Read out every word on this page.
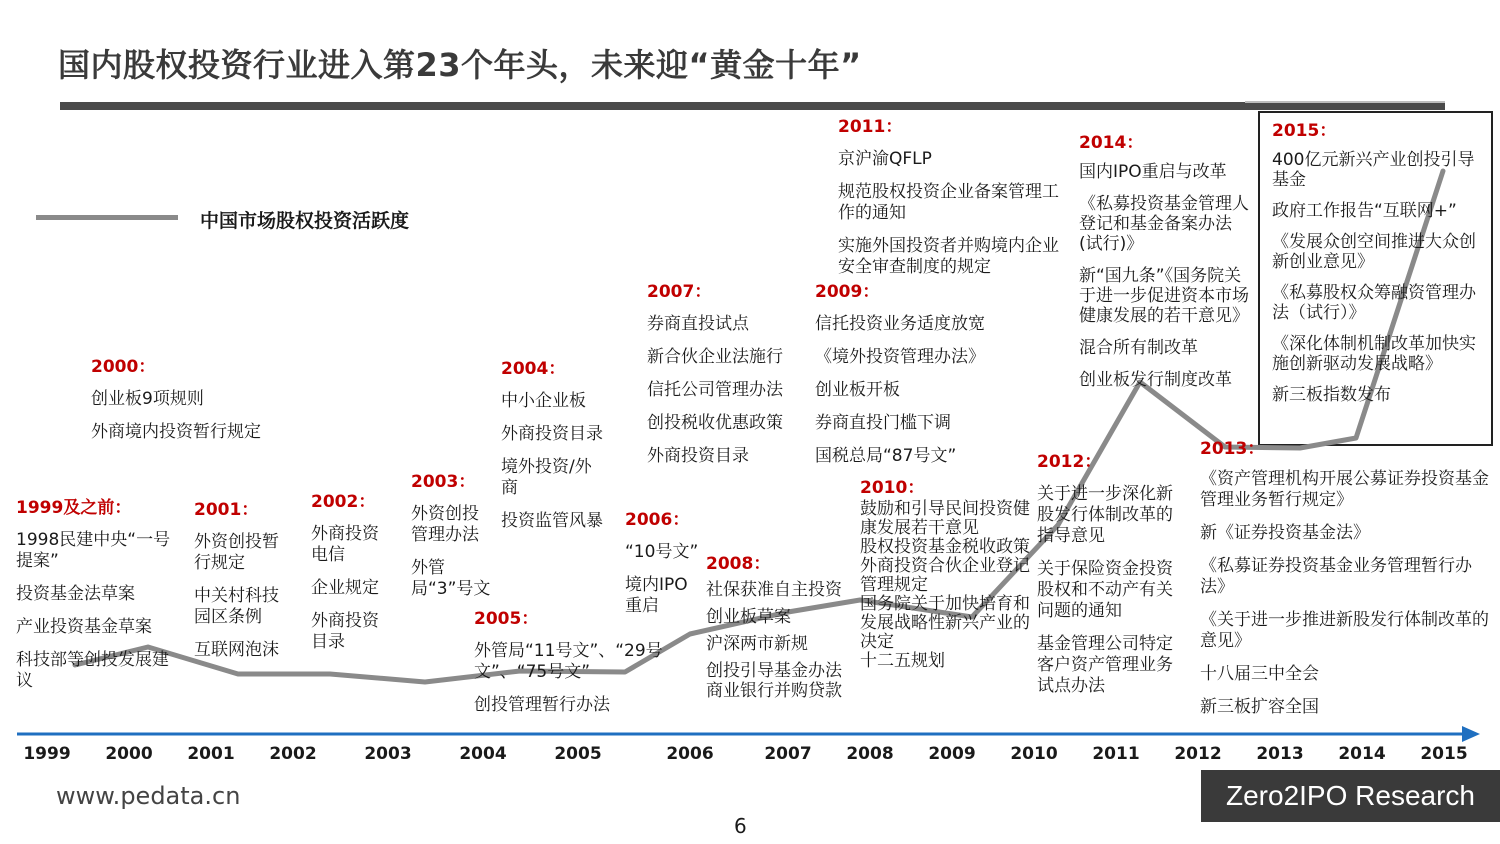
国内股权投资行业进入第23个年头，未来迎“黄金十年”
中国市场股权投资活跃度
1999及之前：
1998民建中央“一号提案”
投资基金法草案
产业投资基金草案
科技部等创投发展建议
2000：
创业板9项规则
外商境内投资暂行规定
2001：
外资创投暂行规定
中关村科技园区条例
互联网泡沫
2002：
外商投资电信
企业规定
外商投资目录
2003：
外资创投管理办法
外管局“3”号文
2004：
中小企业板
外商投资目录
境外投资/外商
投资监管风暴
2005：
外管局“11号文”、“29号文”、“75号文”
创投管理暂行办法
2006：
“10号文”
境内IPO重启
2007：
券商直投试点
新合伙企业法施行
信托公司管理办法
创投税收优惠政策
外商投资目录
2008：
社保获准自主投资
创业板草案
沪深两市新规
创投引导基金办法
商业银行并购贷款
2009：
信托投资业务适度放宽
《境外投资管理办法》
创业板开板
券商直投门槛下调
国税总局“87号文”
2010：
鼓励和引导民间投资健康发展若干意见
股权投资基金税收政策
外商投资合伙企业登记管理规定
国务院关于加快培育和发展战略性新兴产业的决定
十二五规划
2011：
京沪渝QFLP
规范股权投资企业备案管理工作的通知
实施外国投资者并购境内企业安全审查制度的规定
2012：
关于进一步深化新股发行体制改革的指导意见
关于保险资金投资股权和不动产有关问题的通知
基金管理公司特定客户资产管理业务试点办法
2013：
《资产管理机构开展公募证券投资基金管理业务暂行规定》
新《证券投资基金法》
《私募证券投资基金业务管理暂行办法》
《关于进一步推进新股发行体制改革的意见》
十八届三中全会
新三板扩容全国
2014：
国内IPO重启与改革
《私募投资基金管理人登记和基金备案办法(试行)》
新“国九条”《国务院关于进一步促进资本市场健康发展的若干意见》
混合所有制改革
创业板发行制度改革
2015：
400亿元新兴产业创投引导基金
政府工作报告“互联网+”
《发展众创空间推进大众创新创业意见》
《私募股权众筹融资管理办法（试行）》
《深化体制机制改革加快实施创新驱动发展战略》
新三板指数发布
1999 2000 2001 2002	2003	2004	2005	2006	2007 2008 2009 2010 2011 2012 2013 2014 2015
www.pedata.cn	Zero2IPO Research
6
